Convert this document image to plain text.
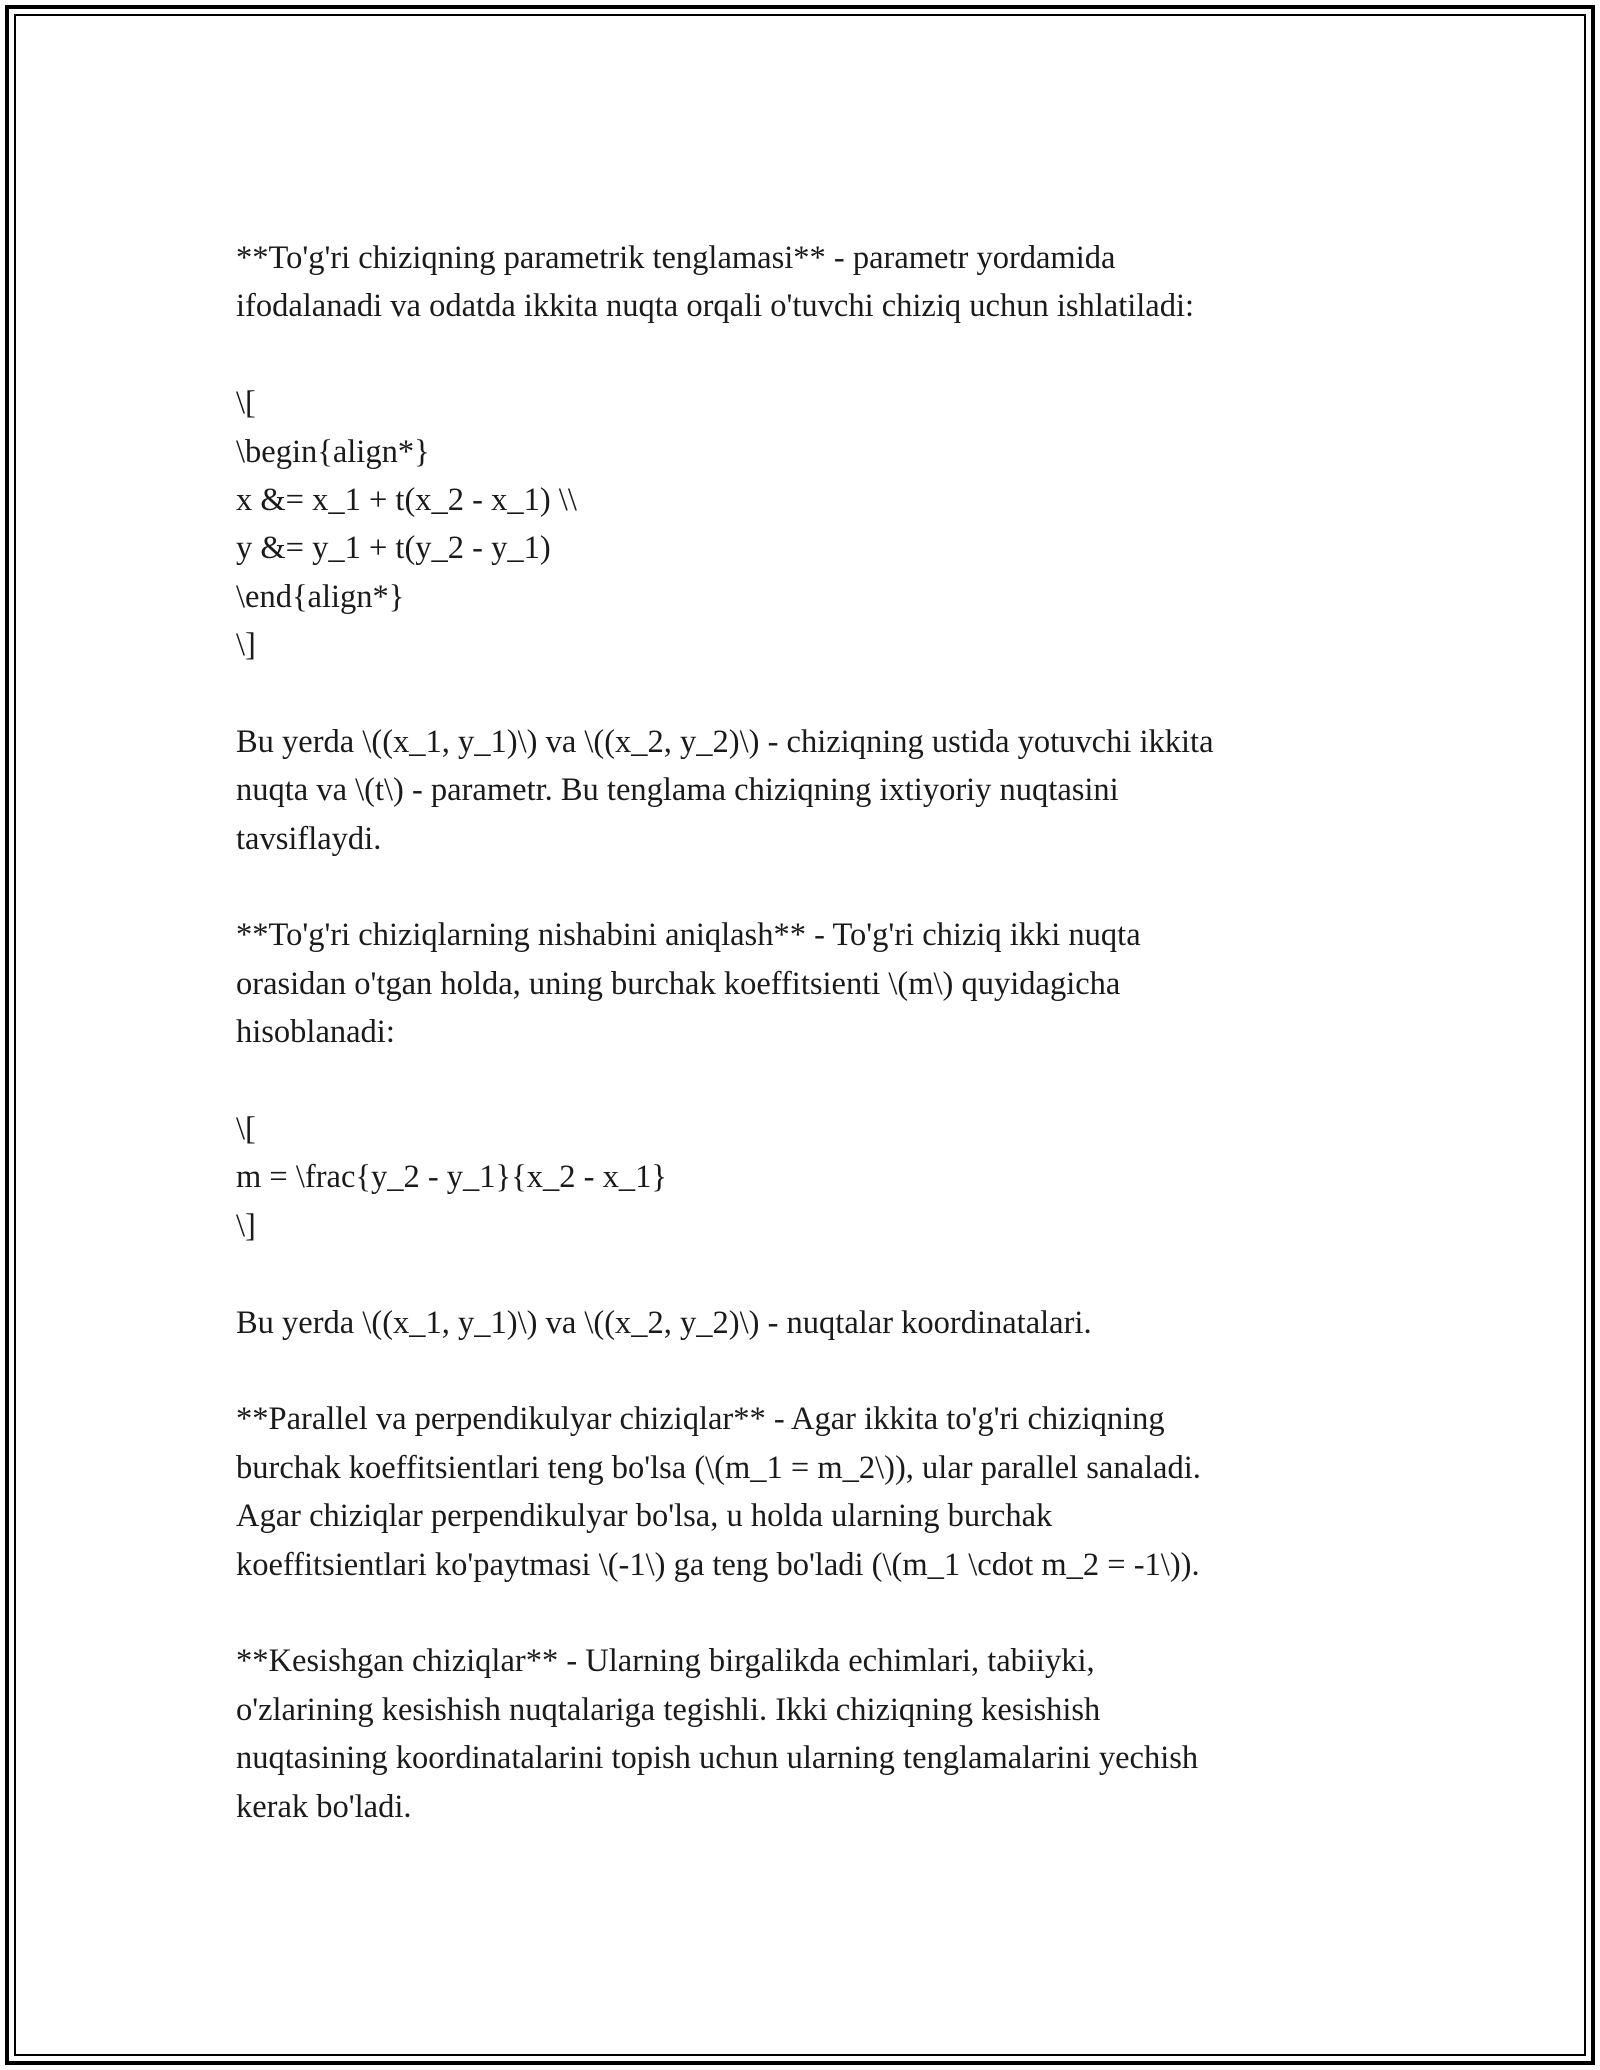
**To'g'ri chiziqning parametrik tenglamasi** - parametr yordamida
ifodalanadi va odatda ikkita nuqta orqali o'tuvchi chiziq uchun ishlatiladi:
\[
\begin{align*}
x &= x_1 + t(x_2 - x_1) \\
y &= y_1 + t(y_2 - y_1)
\end{align*}
\]
Bu yerda \((x_1, y_1)\) va \((x_2, y_2)\) - chiziqning ustida yotuvchi ikkita
nuqta va \(t\) - parametr. Bu tenglama chiziqning ixtiyoriy nuqtasini
tavsiflaydi.
**To'g'ri chiziqlarning nishabini aniqlash** - To'g'ri chiziq ikki nuqta
orasidan o'tgan holda, uning burchak koeffitsienti \(m\) quyidagicha
hisoblanadi:
\[
m = \frac{y_2 - y_1}{x_2 - x_1}
\]
Bu yerda \((x_1, y_1)\) va \((x_2, y_2)\) - nuqtalar koordinatalari.
**Parallel va perpendikulyar chiziqlar** - Agar ikkita to'g'ri chiziqning
burchak koeffitsientlari teng bo'lsa (\(m_1 = m_2\)), ular parallel sanaladi.
Agar chiziqlar perpendikulyar bo'lsa, u holda ularning burchak
koeffitsientlari ko'paytmasi \(-1\) ga teng bo'ladi (\(m_1 \cdot m_2 = -1\)).
**Kesishgan chiziqlar** - Ularning birgalikda echimlari, tabiiyki,
o'zlarining kesishish nuqtalariga tegishli. Ikki chiziqning kesishish
nuqtasining koordinatalarini topish uchun ularning tenglamalarini yechish
kerak bo'ladi.
